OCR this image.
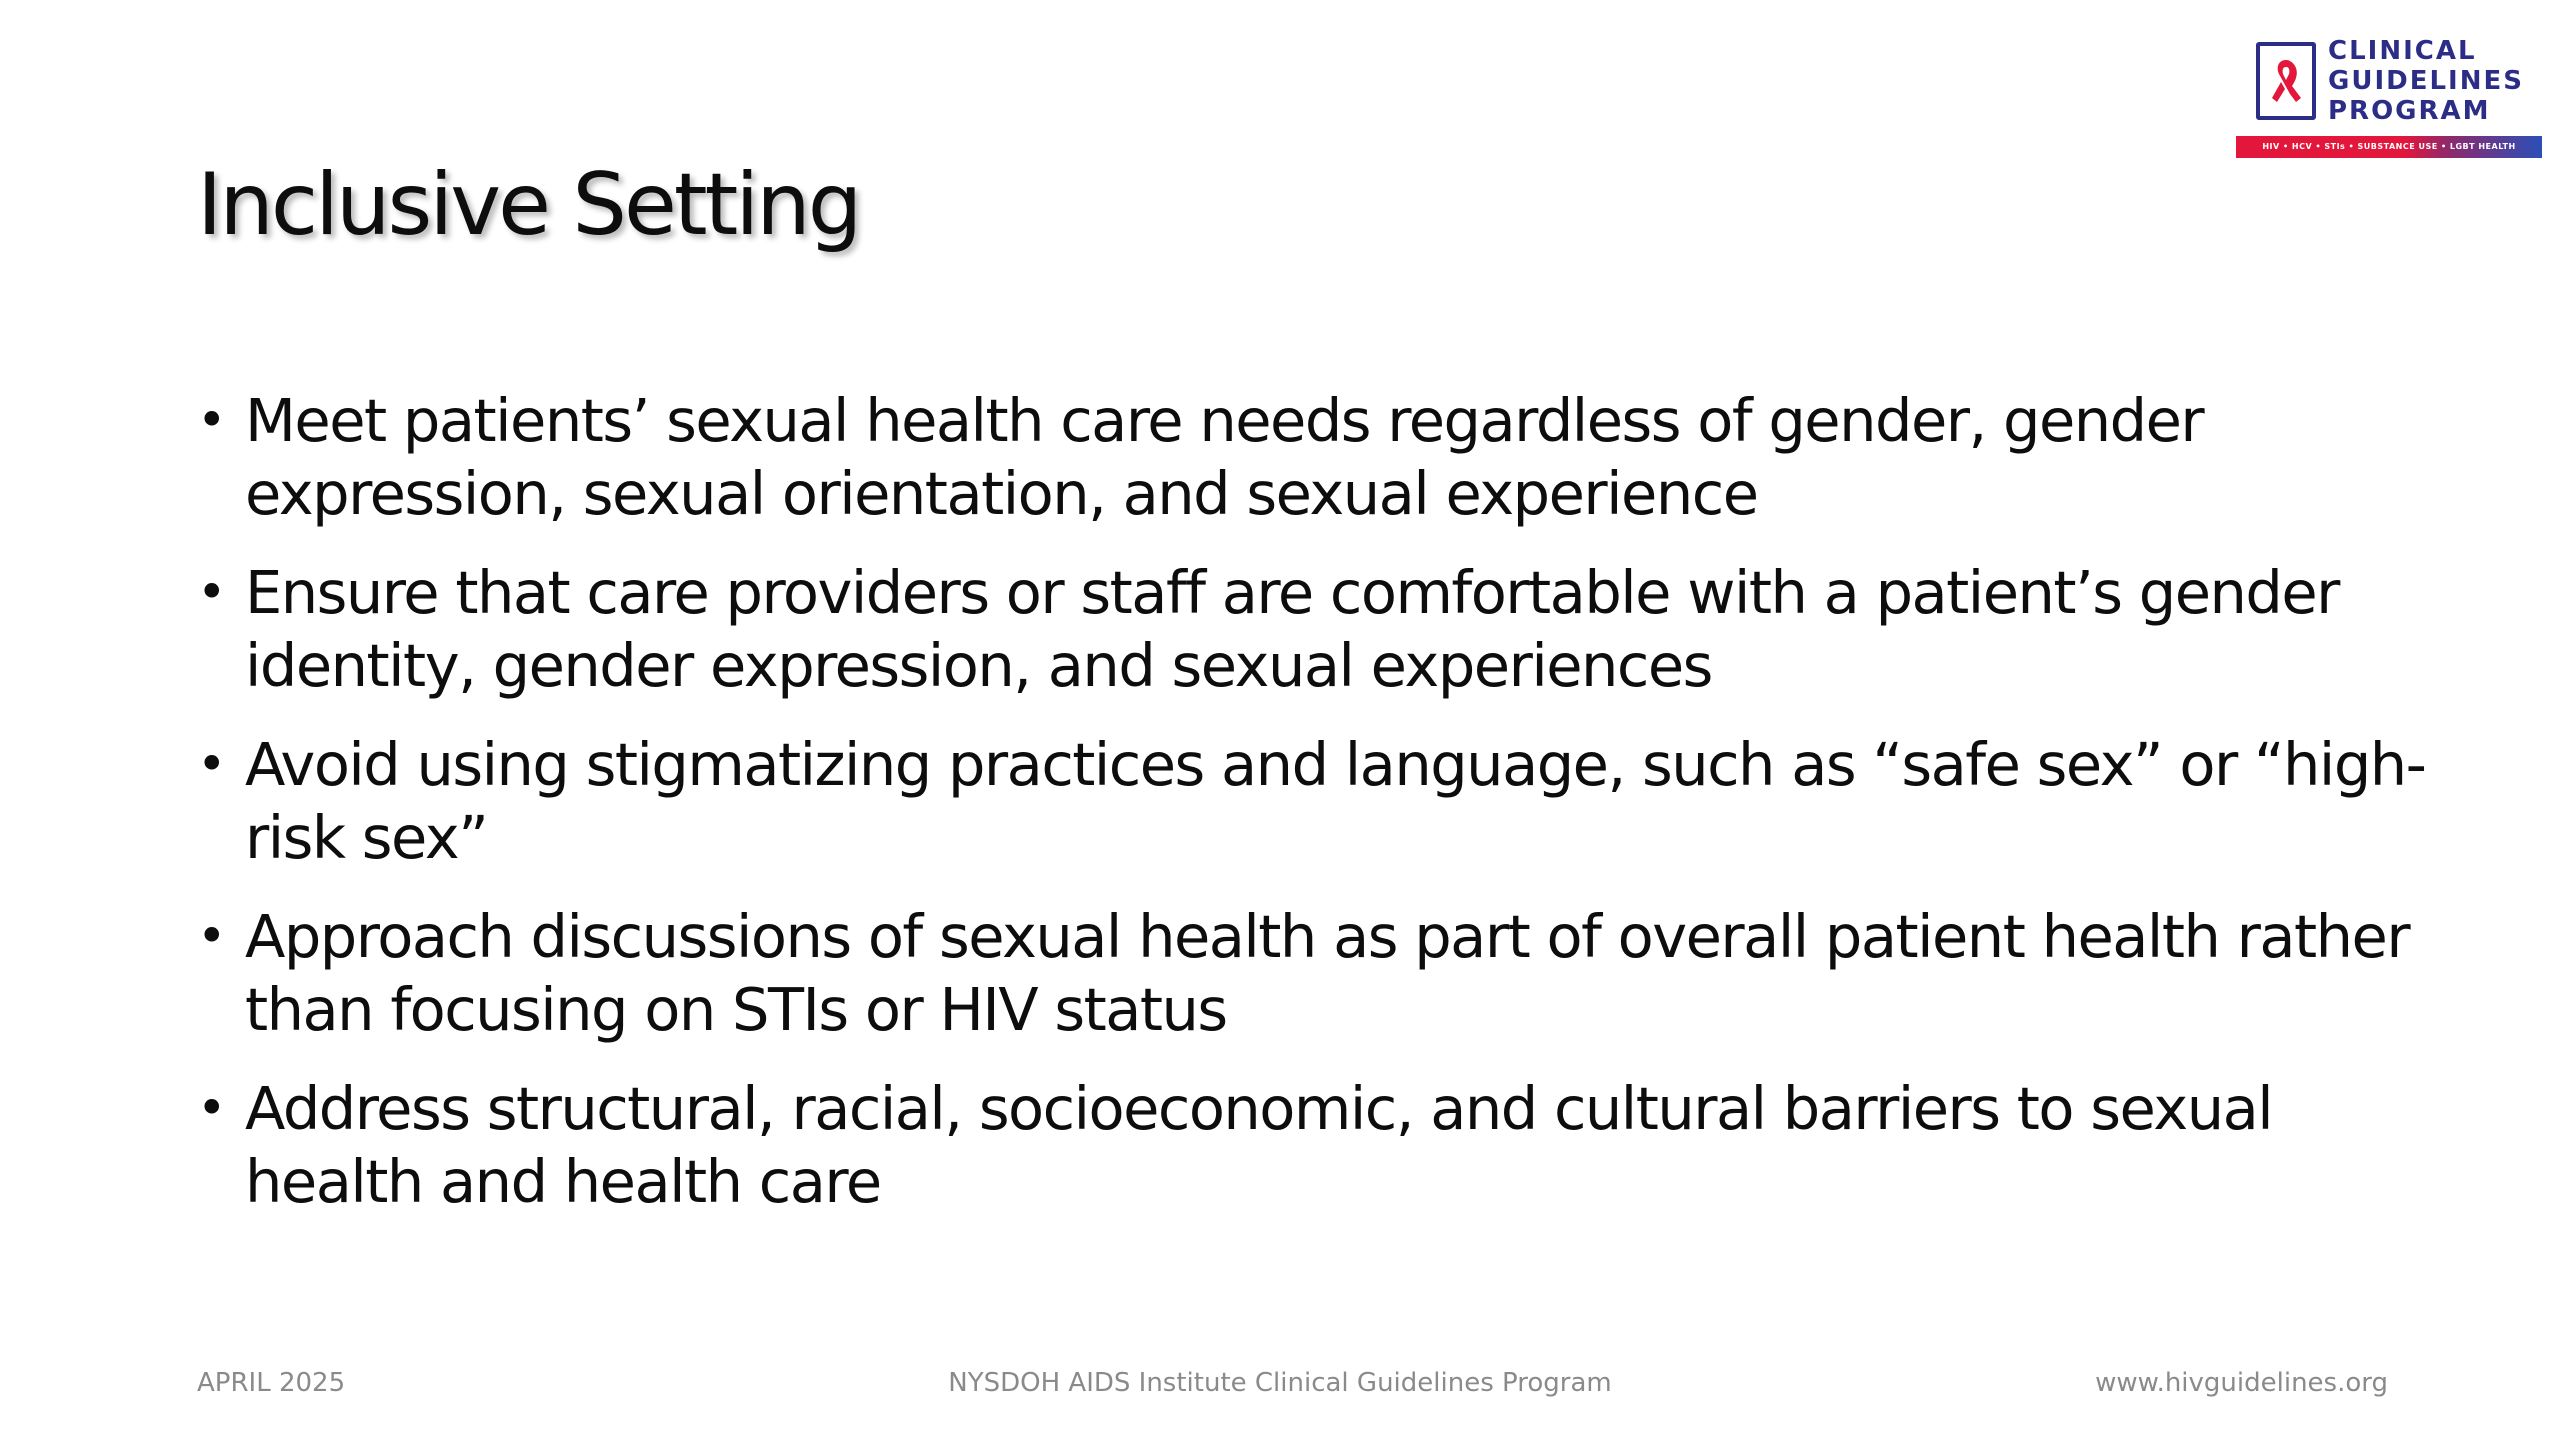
CLINICAL
GUIDELINES
PROGRAM
HIV • HCV • STIs • SUBSTANCE USE • LGBT HEALTH
Inclusive Setting
• Meet patients’ sexual health care needs regardless of gender, gender expression, sexual orientation, and sexual experience
• Ensure that care providers or staff are comfortable with a patient’s gender identity, gender expression, and sexual experiences
• Avoid using stigmatizing practices and language, such as “safe sex” or “high-risk sex”
• Approach discussions of sexual health as part of overall patient health rather than focusing on STIs or HIV status
• Address structural, racial, socioeconomic, and cultural barriers to sexual health and health care
APRIL 2025	NYSDOH AIDS Institute Clinical Guidelines Program	www.hivguidelines.org
